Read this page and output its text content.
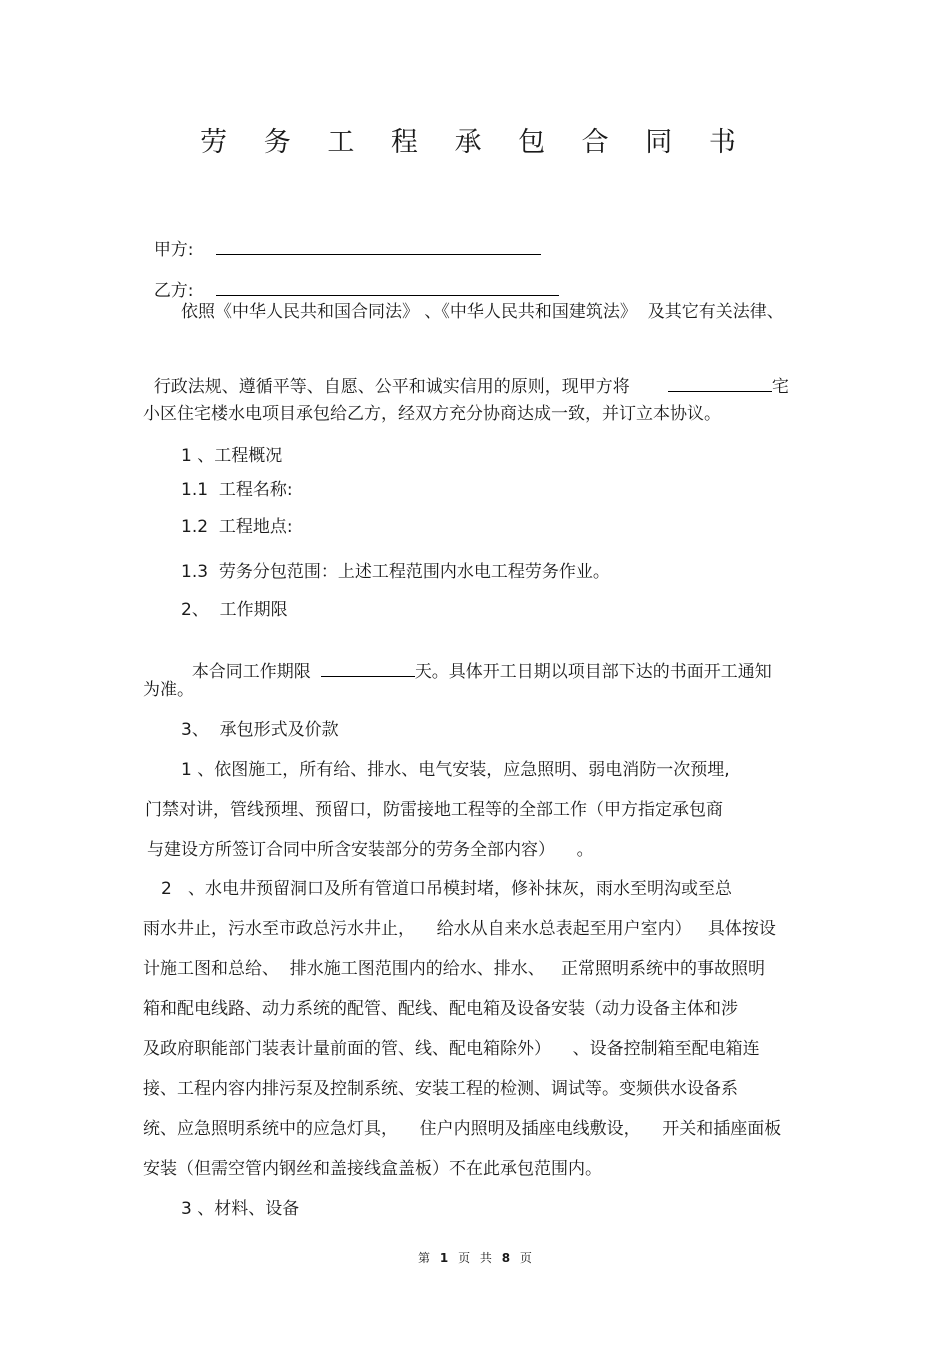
劳 务 工 程 承 包 合 同 书

甲方:

乙方:

依照《中华人民共和国合同法》 、《中华人民共和国建筑法》  及其它有关法律、

行政法规、遵循平等、自愿、公平和诚实信用的原则，现甲方将	宅

小区住宅楼水电项目承包给乙方，经双方充分协商达成一致，并订立本协议。
1 、工程概况
1.1  工程名称:
1.2  工程地点:
1.3  劳务分包范围：上述工程范围内水电工程劳务作业。
2、  工作期限

本合同工作期限	天。具体开工日期以项目部下达的书面开工通知

为准。
3、  承包形式及价款
1 、依图施工，所有给、排水、电气安装，应急照明、弱电消防一次预埋,
门禁对讲，管线预埋、预留口，防雷接地工程等的全部工作（甲方指定承包商
与建设方所签订合同中所含安装部分的劳务全部内容）    。
2   、水电井预留洞口及所有管道口吊模封堵，修补抹灰，雨水至明沟或至总
雨水井止，污水至市政总污水井止，    给水从自来水总表起至用户室内）   具体按设
计施工图和总给、  排水施工图范围内的给水、排水、   正常照明系统中的事故照明
箱和配电线路、动力系统的配管、配线、配电箱及设备安装（动力设备主体和涉
及政府职能部门装表计量前面的管、线、配电箱除外）    、设备控制箱至配电箱连
接、工程内容内排污泵及控制系统、安装工程的检测、调试等。变频供水设备系
统、应急照明系统中的应急灯具，    住户内照明及插座电线敷设，    开关和插座面板
安装（但需空管内钢丝和盖接线盒盖板）不在此承包范围内。
3 、材料、设备
第 1 页 共 8 页
